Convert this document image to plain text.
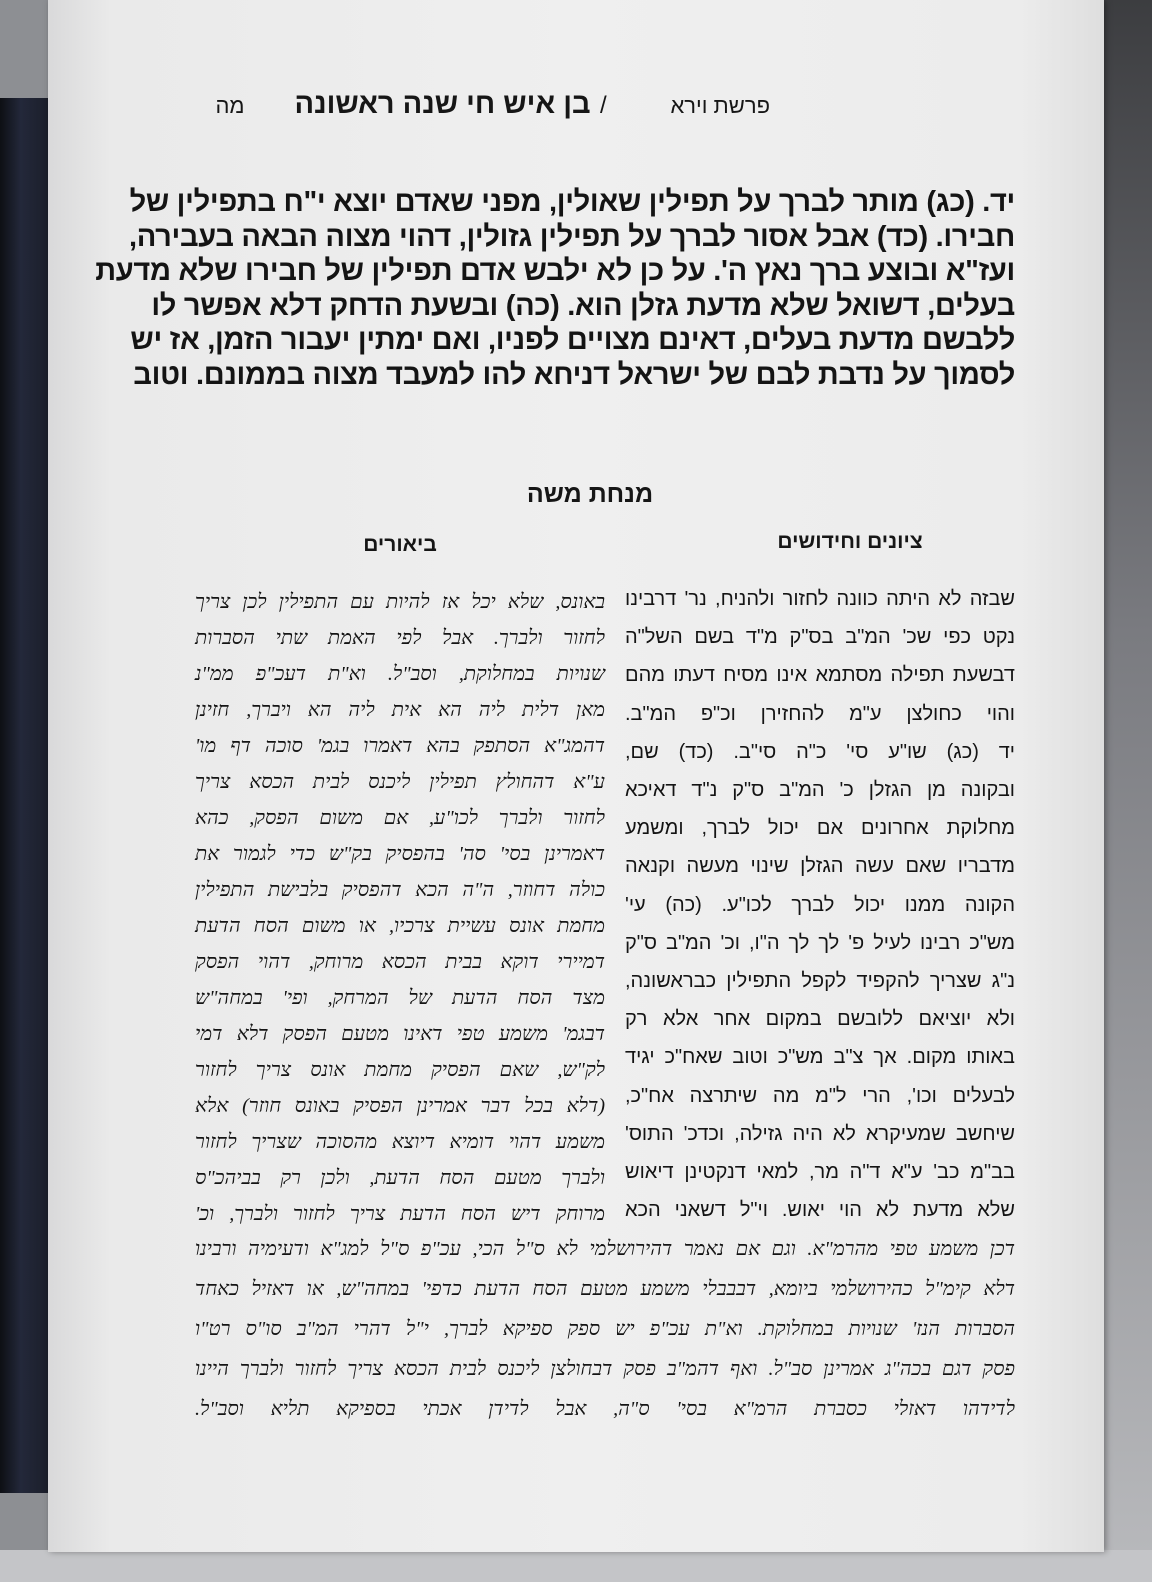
פרשת וירא
/
בן איש חי שנה ראשונה
מה
יד. (כג) מותר לברך על תפילין שאולין, מפני שאדם יוצא י"ח בתפילין של
חבירו. (כד) אבל אסור לברך על תפילין גזולין, דהוי מצוה הבאה בעבירה,
ועז"א ובוצע ברך נאץ ה'. על כן לא ילבש אדם תפילין של חבירו שלא מדעת
בעלים, דשואל שלא מדעת גזלן הוא. (כה) ובשעת הדחק דלא אפשר לו
ללבשם מדעת בעלים, דאינם מצויים לפניו, ואם ימתין יעבור הזמן, אז יש
לסמוך על נדבת לבם של ישראל דניחא להו למעבד מצוה בממונם. וטוב
מנחת משה
ציונים וחידושים
ביאורים
שבזה לא היתה כוונה לחזור ולהניח, נר' דרבינו
נקט כפי שכ' המ"ב בס"ק מ"ד בשם השל"ה
דבשעת תפילה מסתמא אינו מסיח דעתו מהם
והוי כחולצן ע"מ להחזירן וכ"פ המ"ב.
יד (כג) שו"ע סי' כ"ה סי"ב. (כד) שם,
ובקונה מן הגזלן כ' המ"ב ס"ק נ"ד דאיכא
מחלוקת אחרונים אם יכול לברך, ומשמע
מדבריו שאם עשה הגזלן שינוי מעשה וקנאה
הקונה ממנו יכול לברך לכו"ע. (כה) עי'
מש"כ רבינו לעיל פ' לך לך ה"ו, וכ' המ"ב ס"ק
נ"ג שצריך להקפיד לקפל התפילין כבראשונה,
ולא יוציאם ללובשם במקום אחר אלא רק
באותו מקום. אך צ"ב מש"כ וטוב שאח"כ יגיד
לבעלים וכו', הרי ל"מ מה שיתרצה אח"כ,
שיחשב שמעיקרא לא היה גזילה, וכדכ' התוס'
בב"מ כב' ע"א ד"ה מר, למאי דנקטינן דיאוש
שלא מדעת לא הוי יאוש. וי"ל דשאני הכא
באונס, שלא יכל אז להיות עם התפילין לכן צריך
לחזור ולברך. אבל לפי האמת שתי הסברות
שנויות במחלוקת, וסב"ל. וא"ת דעכ"פ ממ"נ
מאן דלית ליה הא אית ליה הא ויברך, חזינן
דהמג"א הסתפק בהא דאמרו בגמ' סוכה דף מו'
ע"א דהחולץ תפילין ליכנס לבית הכסא צריך
לחזור ולברך לכו"ע, אם משום הפסק, כהא
דאמרינן בסי' סה' בהפסיק בק"ש כדי לגמור את
כולה דחוזר, ה"ה הכא דהפסיק בלבישת התפילין
מחמת אונס עשיית צרכיו, או משום הסח הדעת
דמיירי דוקא בבית הכסא מרוחק, דהוי הפסק
מצד הסח הדעת של המרחק, ופי' במחה"ש
דבגמ' משמע טפי דאינו מטעם הפסק דלא דמי
לק"ש, שאם הפסיק מחמת אונס צריך לחזור
(דלא בכל דבר אמרינן הפסיק באונס חוזר) אלא
משמע דהוי דומיא דיוצא מהסוכה שצריך לחזור
ולברך מטעם הסח הדעת, ולכן רק בביהכ"ס
מרוחק דיש הסח הדעת צריך לחזור ולברך, וכ'
דכן משמע טפי מהרמ"א. וגם אם נאמר דהירושלמי לא ס"ל הכי, עכ"פ ס"ל למג"א ודעימיה ורבינו
דלא קימ"ל כהירושלמי ביומא, דבבבלי משמע מטעם הסח הדעת כדפי' במחה"ש, או דאזיל כאחד
הסברות הנז' שנויות במחלוקת. וא"ת עכ"פ יש ספק ספיקא לברך, י"ל דהרי המ"ב סו"ס רט"ו
פסק דגם בכה"ג אמרינן סב"ל. ואף דהמ"ב פסק דבחולצן ליכנס לבית הכסא צריך לחזור ולברך היינו
לדידהו דאזלי כסברת הרמ"א בסי' ס"ה, אבל לדידן אכתי בספיקא תליא וסב"ל.
